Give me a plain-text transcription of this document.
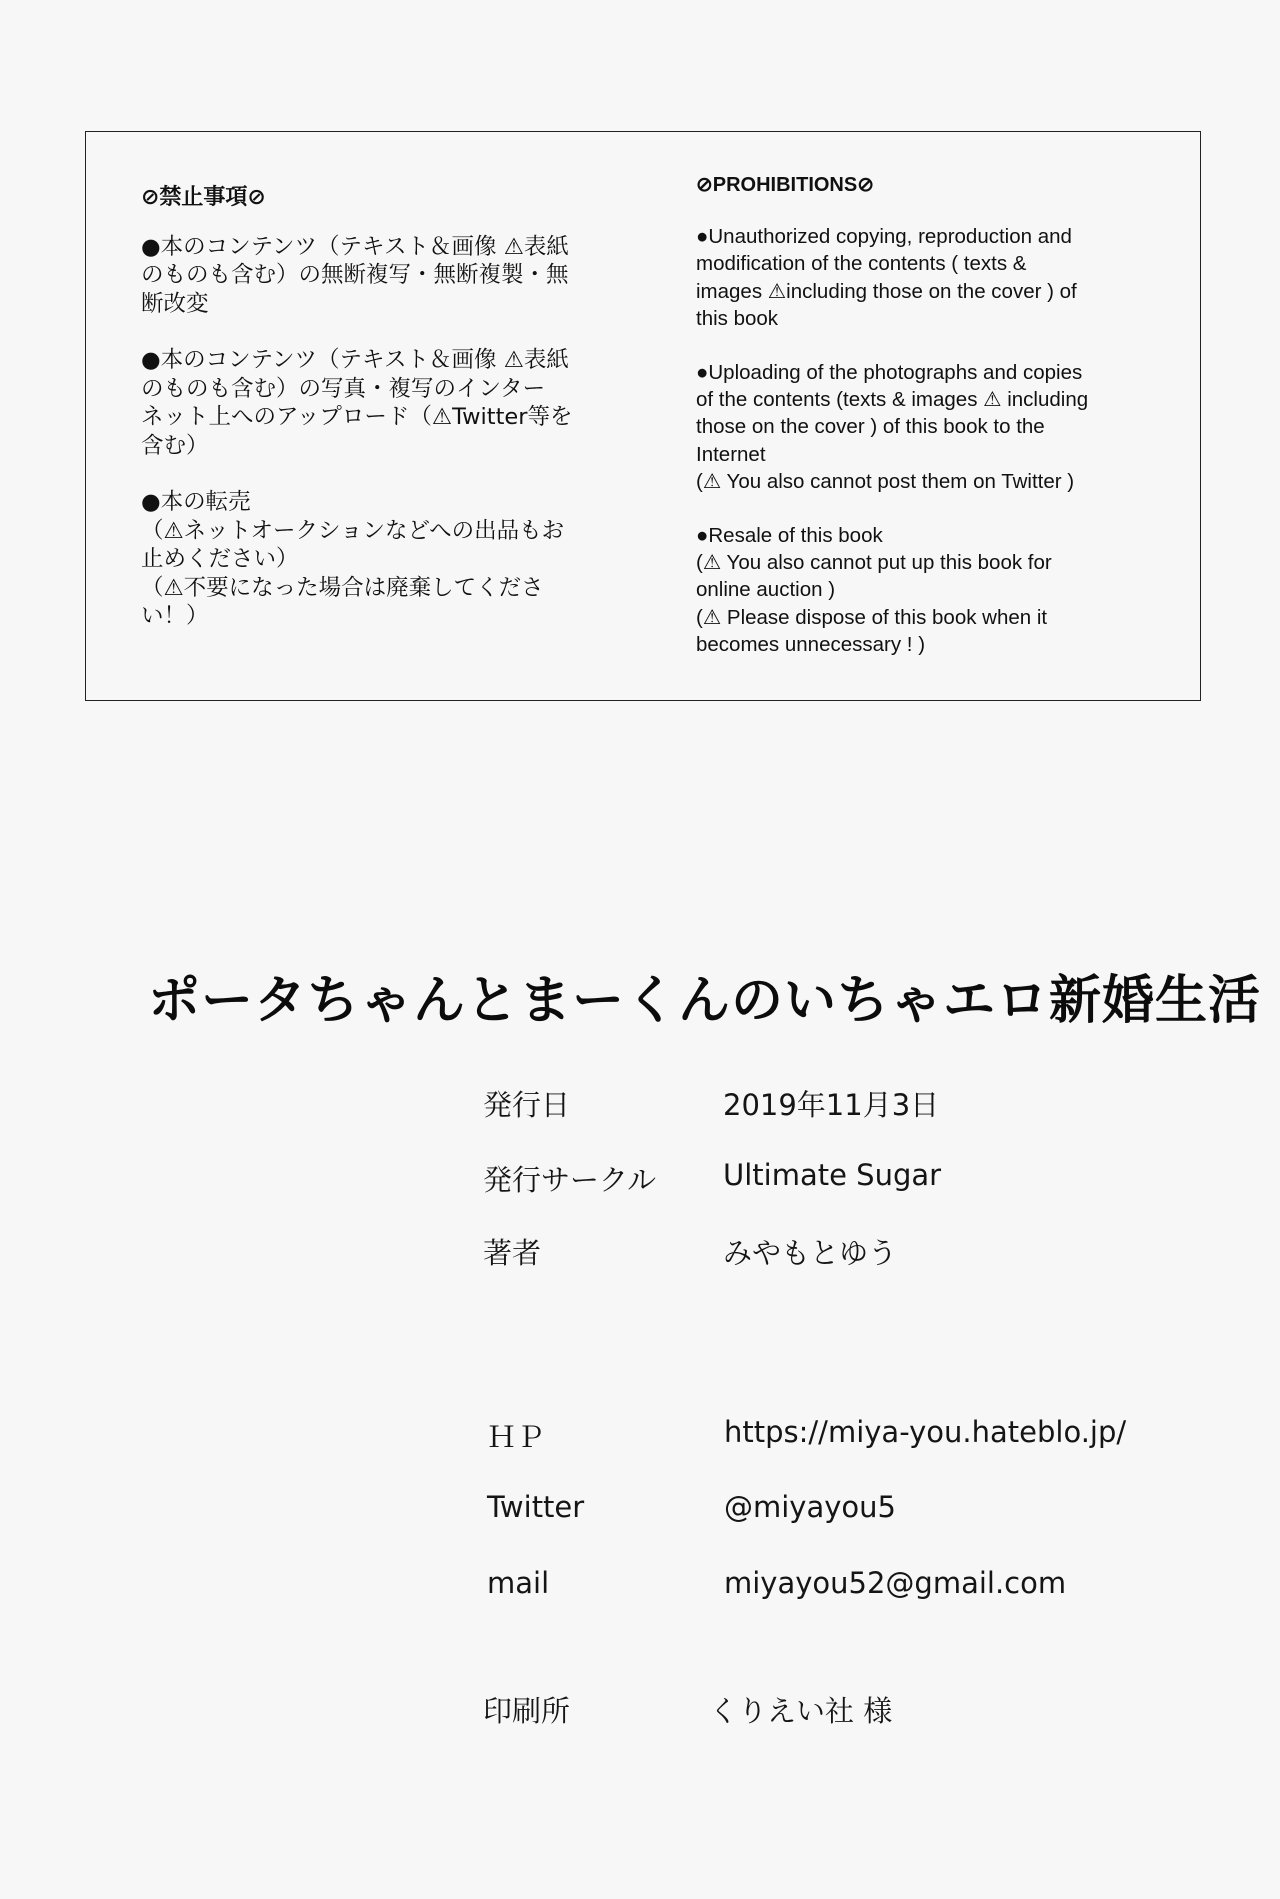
⊘禁止事項⊘
●本のコンテンツ（テキスト＆画像 ⚠表紙
のものも含む）の無断複写・無断複製・無
断改変
●本のコンテンツ（テキスト＆画像 ⚠表紙
のものも含む）の写真・複写のインター
ネット上へのアップロード（⚠Twitter等を
含む）
●本の転売
（⚠ネットオークションなどへの出品もお
止めください）
（⚠不要になった場合は廃棄してくださ
い！）
⊘PROHIBITIONS⊘
●Unauthorized copying, reproduction and
modification of the contents ( texts &
images ⚠including those on the cover ) of
this book
●Uploading of the photographs and copies
of the contents (texts & images ⚠ including
those on the cover ) of this book to the
Internet
(⚠ You also cannot post them on Twitter )
●Resale of this book
(⚠ You also cannot put up this book for
online auction )
(⚠ Please dispose of this book when it
becomes unnecessary ! )
ポータちゃんとまーくんのいちゃエロ新婚生活
発行日	2019年11月3日
発行サークル Ultimate Sugar
著者	みやもとゆう
ＨＰ	https://miya-you.hateblo.jp/
Twitter	@miyayou5
mail	miyayou52@gmail.com
印刷所	くりえい社 様
